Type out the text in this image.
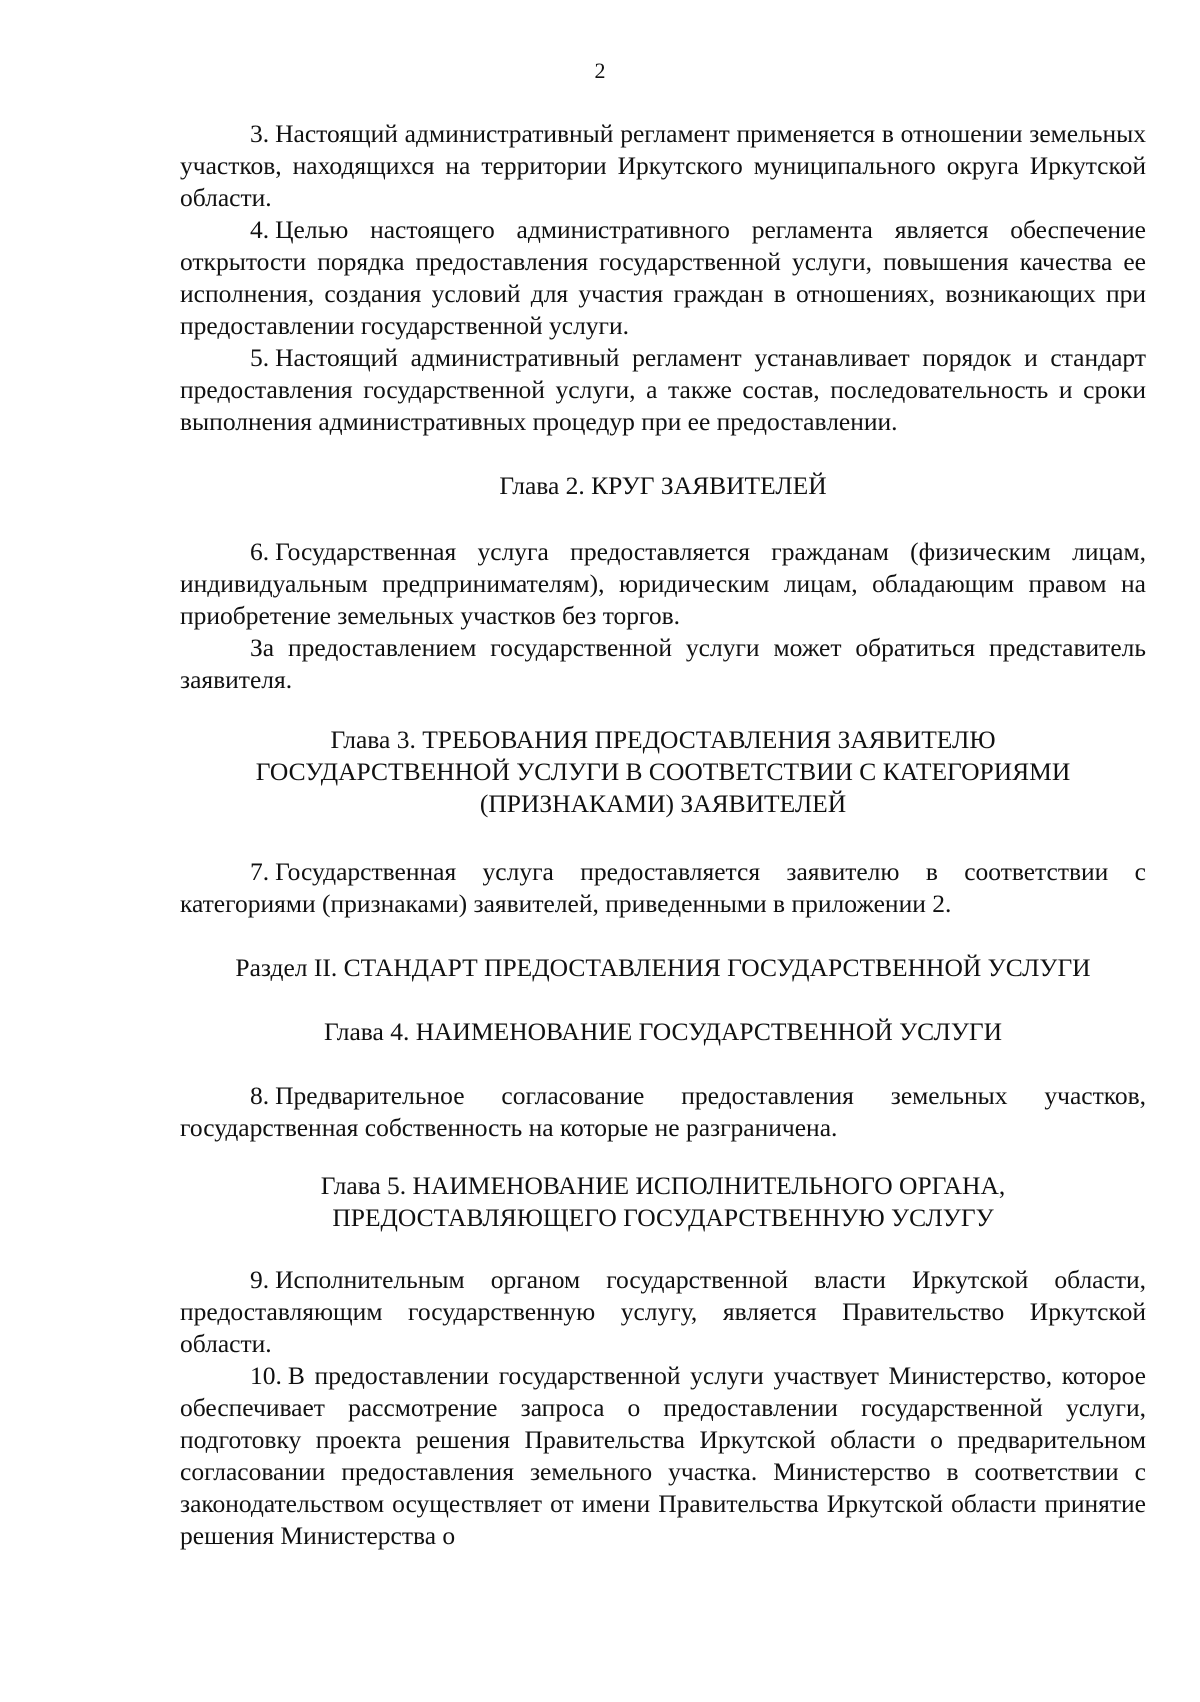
2

3. Настоящий административный регламент применяется в отношении земельных участков, находящихся на территории Иркутского муниципального округа Иркутской области.

4. Целью настоящего административного регламента является обеспечение открытости порядка предоставления государственной услуги, повышения качества ее исполнения, создания условий для участия граждан в отношениях, возникающих при предоставлении государственной услуги.

5. Настоящий административный регламент устанавливает порядок и стандарт предоставления государственной услуги, а также состав, последовательность и сроки выполнения административных процедур при ее предоставлении.

Глава 2. КРУГ ЗАЯВИТЕЛЕЙ

6. Государственная услуга предоставляется гражданам (физическим лицам, индивидуальным предпринимателям), юридическим лицам, обладающим правом на приобретение земельных участков без торгов.

За предоставлением государственной услуги может обратиться представитель заявителя.

Глава 3. ТРЕБОВАНИЯ ПРЕДОСТАВЛЕНИЯ ЗАЯВИТЕЛЮ

ГОСУДАРСТВЕННОЙ УСЛУГИ В СООТВЕТСТВИИ С КАТЕГОРИЯМИ

(ПРИЗНАКАМИ) ЗАЯВИТЕЛЕЙ

7. Государственная услуга предоставляется заявителю в соответствии с категориями (признаками) заявителей, приведенными в приложении 2.

Раздел II. СТАНДАРТ ПРЕДОСТАВЛЕНИЯ ГОСУДАРСТВЕННОЙ УСЛУГИ

Глава 4. НАИМЕНОВАНИЕ ГОСУДАРСТВЕННОЙ УСЛУГИ

8. Предварительное согласование предоставления земельных участков, государственная собственность на которые не разграничена.

Глава 5. НАИМЕНОВАНИЕ ИСПОЛНИТЕЛЬНОГО ОРГАНА,

ПРЕДОСТАВЛЯЮЩЕГО ГОСУДАРСТВЕННУЮ УСЛУГУ

9. Исполнительным органом государственной власти Иркутской области, предоставляющим государственную услугу, является Правительство Иркутской области.

10. В предоставлении государственной услуги участвует Министерство, которое обеспечивает рассмотрение запроса о предоставлении государственной услуги, подготовку проекта решения Правительства Иркутской области о предварительном согласовании предоставления земельного участка. Министерство в соответствии с законодательством осуществляет от имени Правительства Иркутской области принятие решения Министерства о
